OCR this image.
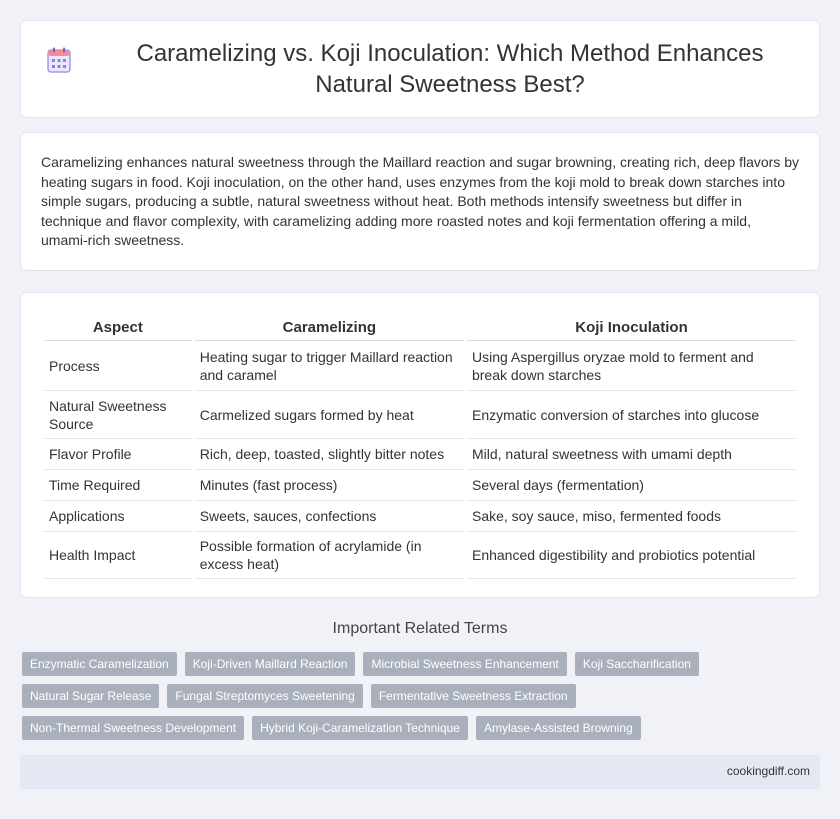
Caramelizing vs. Koji Inoculation: Which Method Enhances Natural Sweetness Best?

Caramelizing enhances natural sweetness through the Maillard reaction and sugar browning, creating rich, deep flavors by heating sugars in food. Koji inoculation, on the other hand, uses enzymes from the koji mold to break down starches into simple sugars, producing a subtle, natural sweetness without heat. Both methods intensify sweetness but differ in technique and flavor complexity, with caramelizing adding more roasted notes and koji fermentation offering a mild, umami-rich sweetness.

Aspect	Caramelizing	Koji Inoculation
Process	Heating sugar to trigger Maillard reaction and caramel	Using Aspergillus oryzae mold to ferment and break down starches
Natural Sweetness Source	Carmelized sugars formed by heat	Enzymatic conversion of starches into glucose
Flavor Profile	Rich, deep, toasted, slightly bitter notes	Mild, natural sweetness with umami depth
Time Required	Minutes (fast process)	Several days (fermentation)
Applications	Sweets, sauces, confections	Sake, soy sauce, miso, fermented foods
Health Impact	Possible formation of acrylamide (in excess heat)	Enhanced digestibility and probiotics potential
Important Related Terms
Enzymatic Caramelization	Koji-Driven Maillard Reaction	Microbial Sweetness Enhancement	Koji Saccharification
Natural Sugar Release	Fungal Streptomyces Sweetening	Fermentative Sweetness Extraction
Non-Thermal Sweetness Development	Hybrid Koji-Caramelization Technique	Amylase-Assisted Browning
cookingdiff.com
